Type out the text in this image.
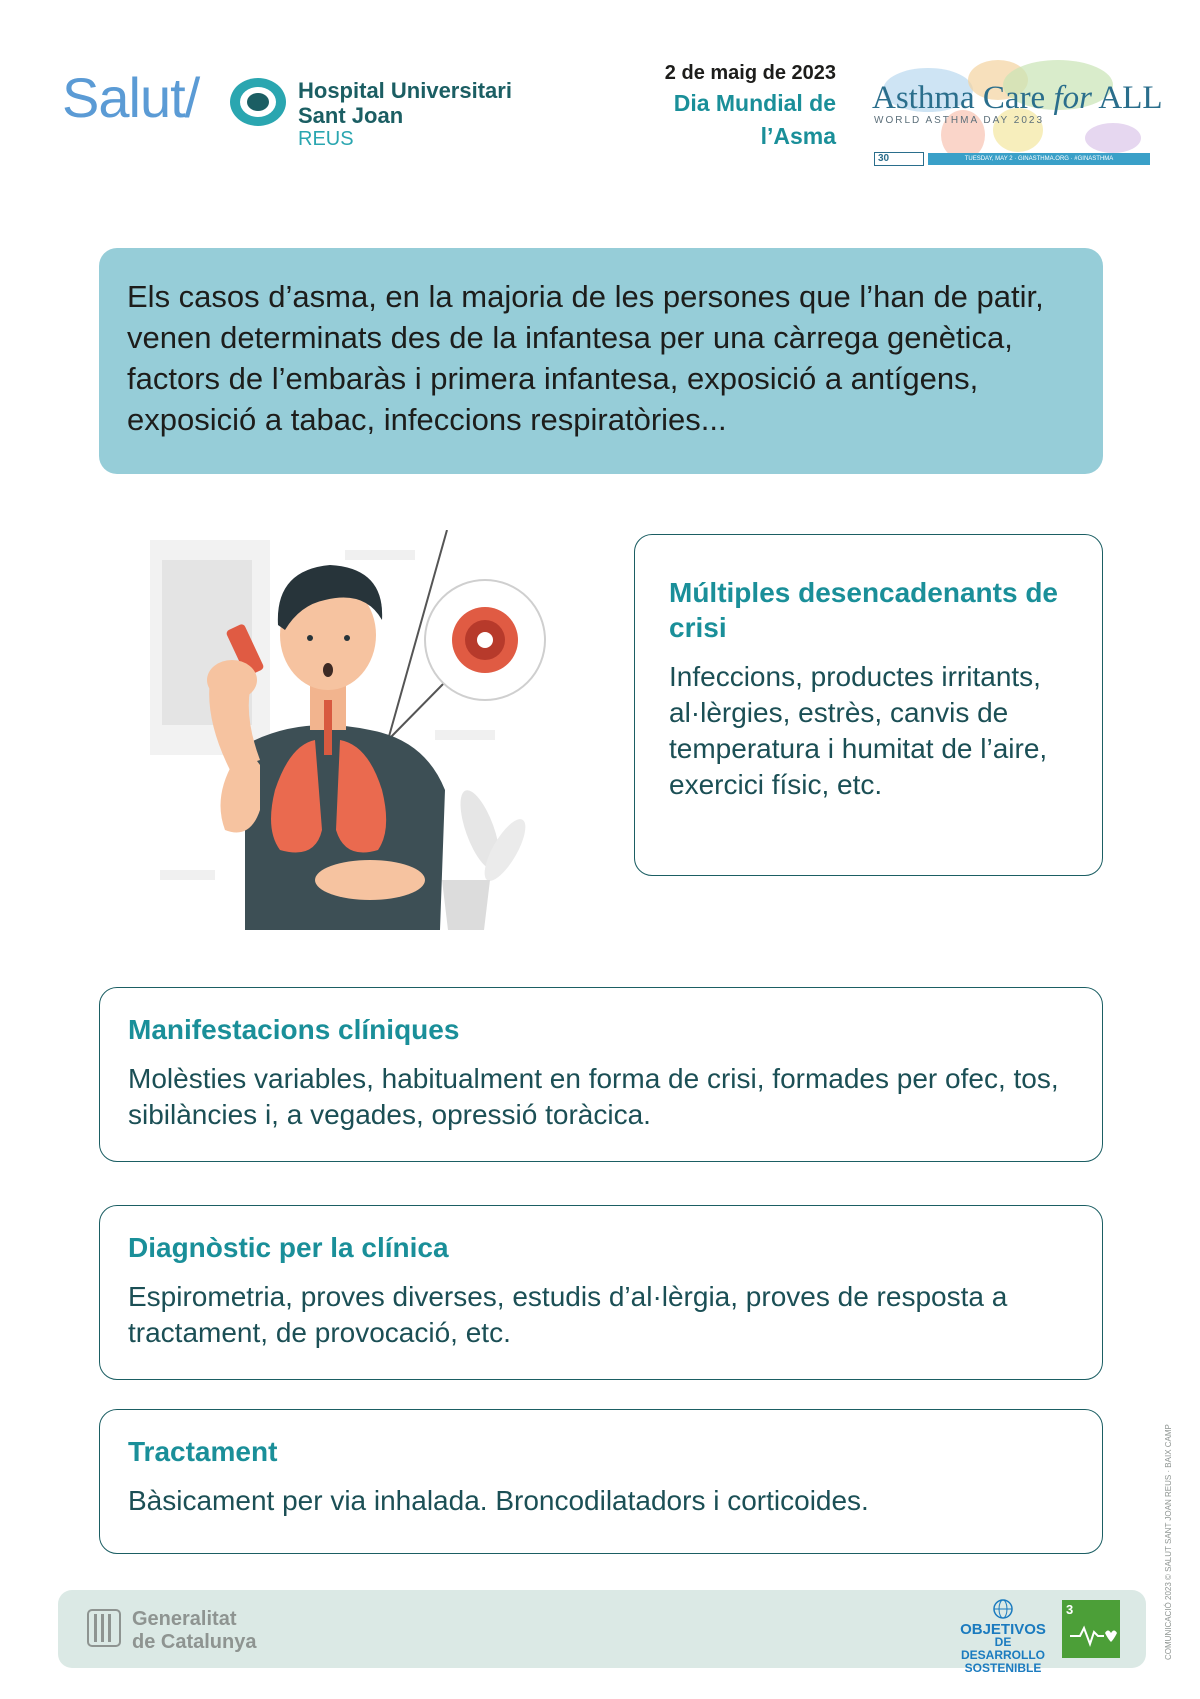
Salut/	Hospital Universitari
Sant Joan
REUS
2 de maig de 2023
Dia Mundial de
l’Asma
Asthma Care for ALL
WORLD ASTHMA DAY 2023
30	TUESDAY, MAY 2 · GINASTHMA.ORG · #GINASTHMA
Els casos d’asma, en la majoria de les persones que l’han de patir, venen determinats des de la infantesa per una càrrega genètica, factors de l’embaràs i primera infantesa, exposició a antígens, exposició a tabac, infeccions respiratòries...
Múltiples desencadenants de crisi
Infeccions, productes irritants, al·lèrgies, estrès, canvis de temperatura i humitat de l’aire, exercici físic, etc.
Manifestacions clíniques
Molèsties variables, habitualment en forma de crisi, formades per ofec, tos, sibilàncies i, a vegades, opressió toràcica.
Diagnòstic per la clínica
Espirometria, proves diverses, estudis d’al·lèrgia, proves de resposta a tractament, de provocació, etc.
Tractament
Bàsicament per via inhalada. Broncodilatadors i corticoides.	COMUNICACIÓ 2023 © SALUT SANT JOAN REUS · BAIX CAMP
Generalitat
de Catalunya
OBJETIVOS
DE DESARROLLO
SOSTENIBLE
3
